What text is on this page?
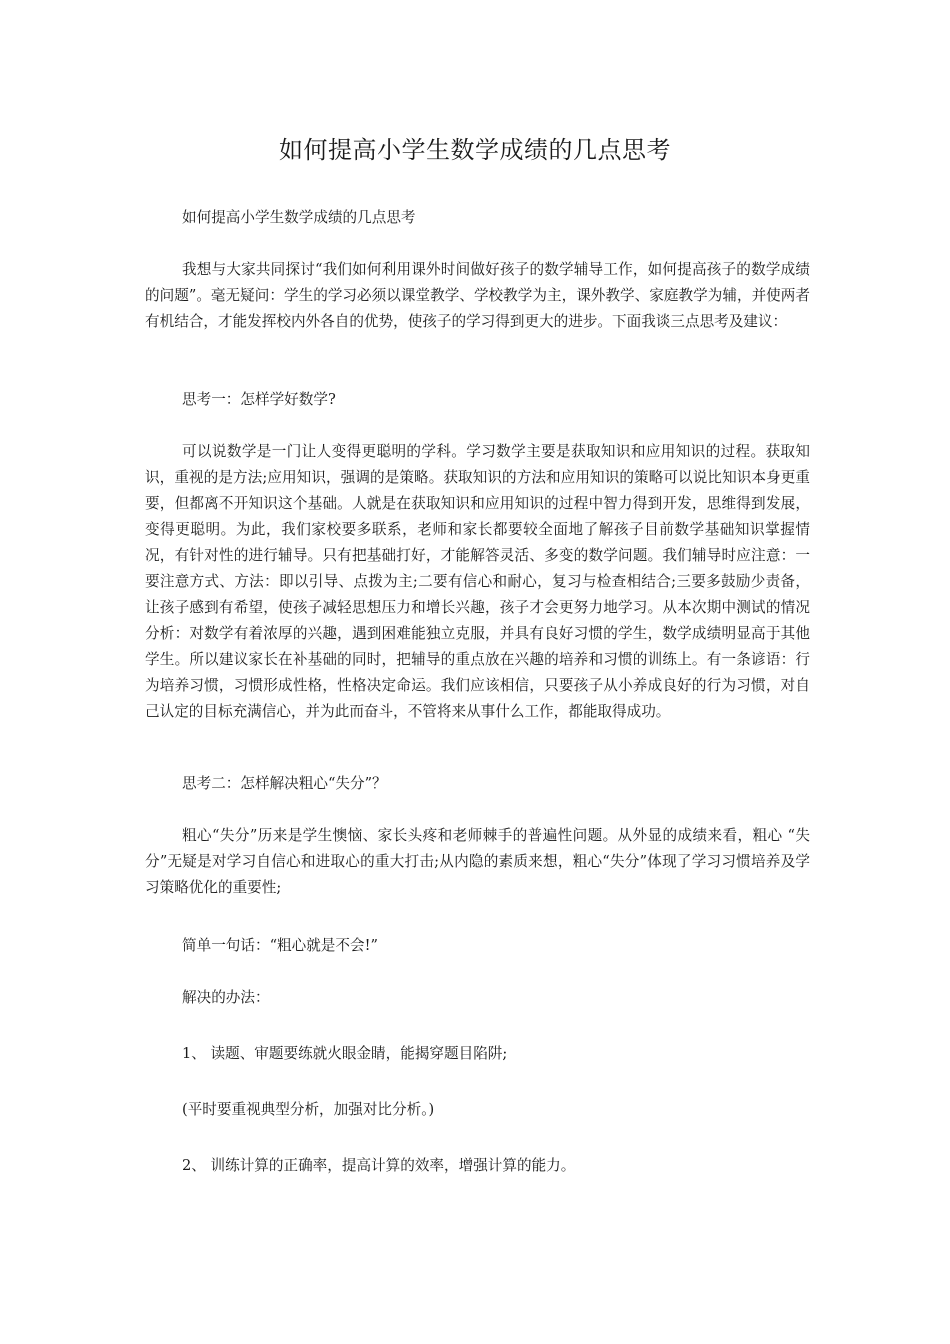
如何提高小学生数学成绩的几点思考

如何提高小学生数学成绩的几点思考

我想与大家共同探讨“我们如何利用课外时间做好孩子的数学辅导工作，如何提高孩子的数学成绩的问题”。毫无疑问：学生的学习必须以课堂教学、学校教学为主，课外教学、家庭教学为辅，并使两者有机结合，才能发挥校内外各自的优势，使孩子的学习得到更大的进步。下面我谈三点思考及建议：

思考一：怎样学好数学?

可以说数学是一门让人变得更聪明的学科。学习数学主要是获取知识和应用知识的过程。获取知识，重视的是方法;应用知识，强调的是策略。获取知识的方法和应用知识的策略可以说比知识本身更重要，但都离不开知识这个基础。人就是在获取知识和应用知识的过程中智力得到开发，思维得到发展，变得更聪明。为此，我们家校要多联系，老师和家长都要较全面地了解孩子目前数学基础知识掌握情况，有针对性的进行辅导。只有把基础打好，才能解答灵活、多变的数学问题。我们辅导时应注意：一要注意方式、方法：即以引导、点拨为主;二要有信心和耐心，复习与检查相结合;三要多鼓励少责备，让孩子感到有希望，使孩子减轻思想压力和增长兴趣，孩子才会更努力地学习。从本次期中测试的情况分析：对数学有着浓厚的兴趣，遇到困难能独立克服，并具有良好习惯的学生，数学成绩明显高于其他学生。所以建议家长在补基础的同时，把辅导的重点放在兴趣的培养和习惯的训练上。有一条谚语：行为培养习惯，习惯形成性格，性格决定命运。我们应该相信，只要孩子从小养成良好的行为习惯，对自己认定的目标充满信心，并为此而奋斗，不管将来从事什么工作，都能取得成功。

思考二：怎样解决粗心“失分”？

粗心“失分”历来是学生懊恼、家长头疼和老师棘手的普遍性问题。从外显的成绩来看，粗心 “失分”无疑是对学习自信心和进取心的重大打击;从内隐的素质来想，粗心“失分”体现了学习习惯培养及学习策略优化的重要性;

简单一句话：“粗心就是不会!”

解决的办法：

1、 读题、审题要练就火眼金睛，能揭穿题目陷阱;

(平时要重视典型分析，加强对比分析。)

2、 训练计算的正确率，提高计算的效率，增强计算的能力。
